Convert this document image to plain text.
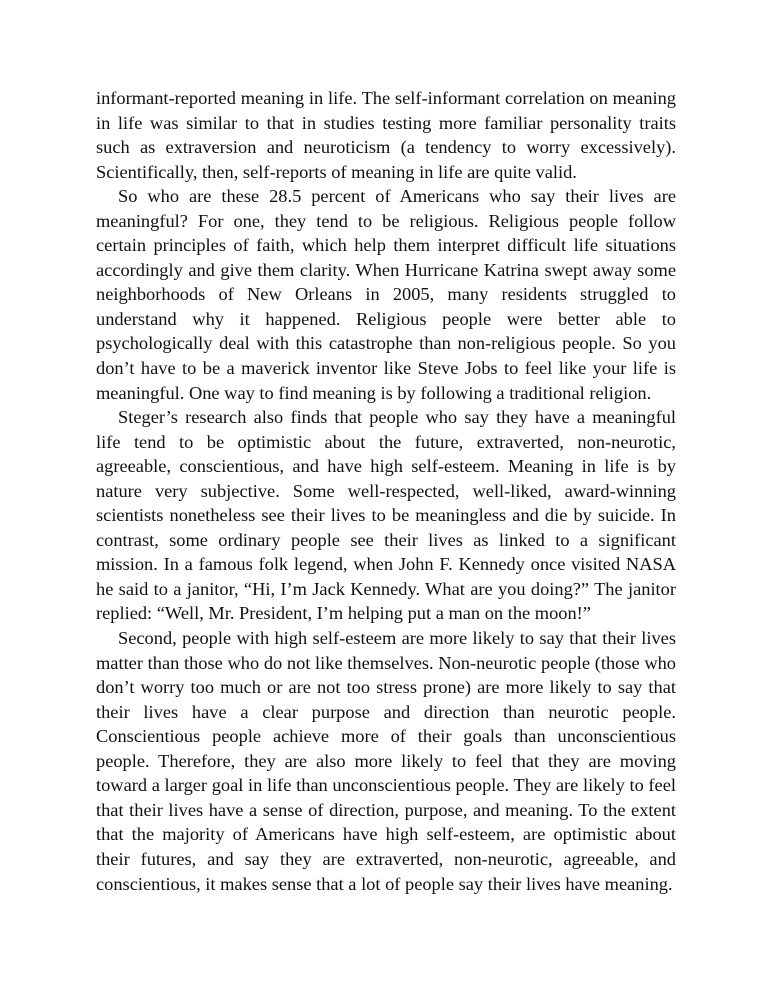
informant-reported meaning in life. The self-informant correlation on meaning in life was similar to that in studies testing more familiar personality traits such as extraversion and neuroticism (a tendency to worry excessively). Scientifically, then, self-reports of meaning in life are quite valid.

So who are these 28.5 percent of Americans who say their lives are meaningful? For one, they tend to be religious. Religious people follow certain principles of faith, which help them interpret difficult life situations accordingly and give them clarity. When Hurricane Katrina swept away some neighborhoods of New Orleans in 2005, many residents struggled to understand why it happened. Religious people were better able to psychologically deal with this catastrophe than non-religious people. So you don’t have to be a maverick inventor like Steve Jobs to feel like your life is meaningful. One way to find meaning is by following a traditional religion.

Steger’s research also finds that people who say they have a meaningful life tend to be optimistic about the future, extraverted, non-neurotic, agreeable, conscientious, and have high self-esteem. Meaning in life is by nature very subjective. Some well-respected, well-liked, award-winning scientists nonetheless see their lives to be meaningless and die by suicide. In contrast, some ordinary people see their lives as linked to a significant mission. In a famous folk legend, when John F. Kennedy once visited NASA he said to a janitor, “Hi, I’m Jack Kennedy. What are you doing?” The janitor replied: “Well, Mr. President, I’m helping put a man on the moon!”

Second, people with high self-esteem are more likely to say that their lives matter than those who do not like themselves. Non-neurotic people (those who don’t worry too much or are not too stress prone) are more likely to say that their lives have a clear purpose and direction than neurotic people. Conscientious people achieve more of their goals than unconscientious people. Therefore, they are also more likely to feel that they are moving toward a larger goal in life than unconscientious people. They are likely to feel that their lives have a sense of direction, purpose, and meaning. To the extent that the majority of Americans have high self-esteem, are optimistic about their futures, and say they are extraverted, non-neurotic, agreeable, and conscientious, it makes sense that a lot of people say their lives have meaning.
